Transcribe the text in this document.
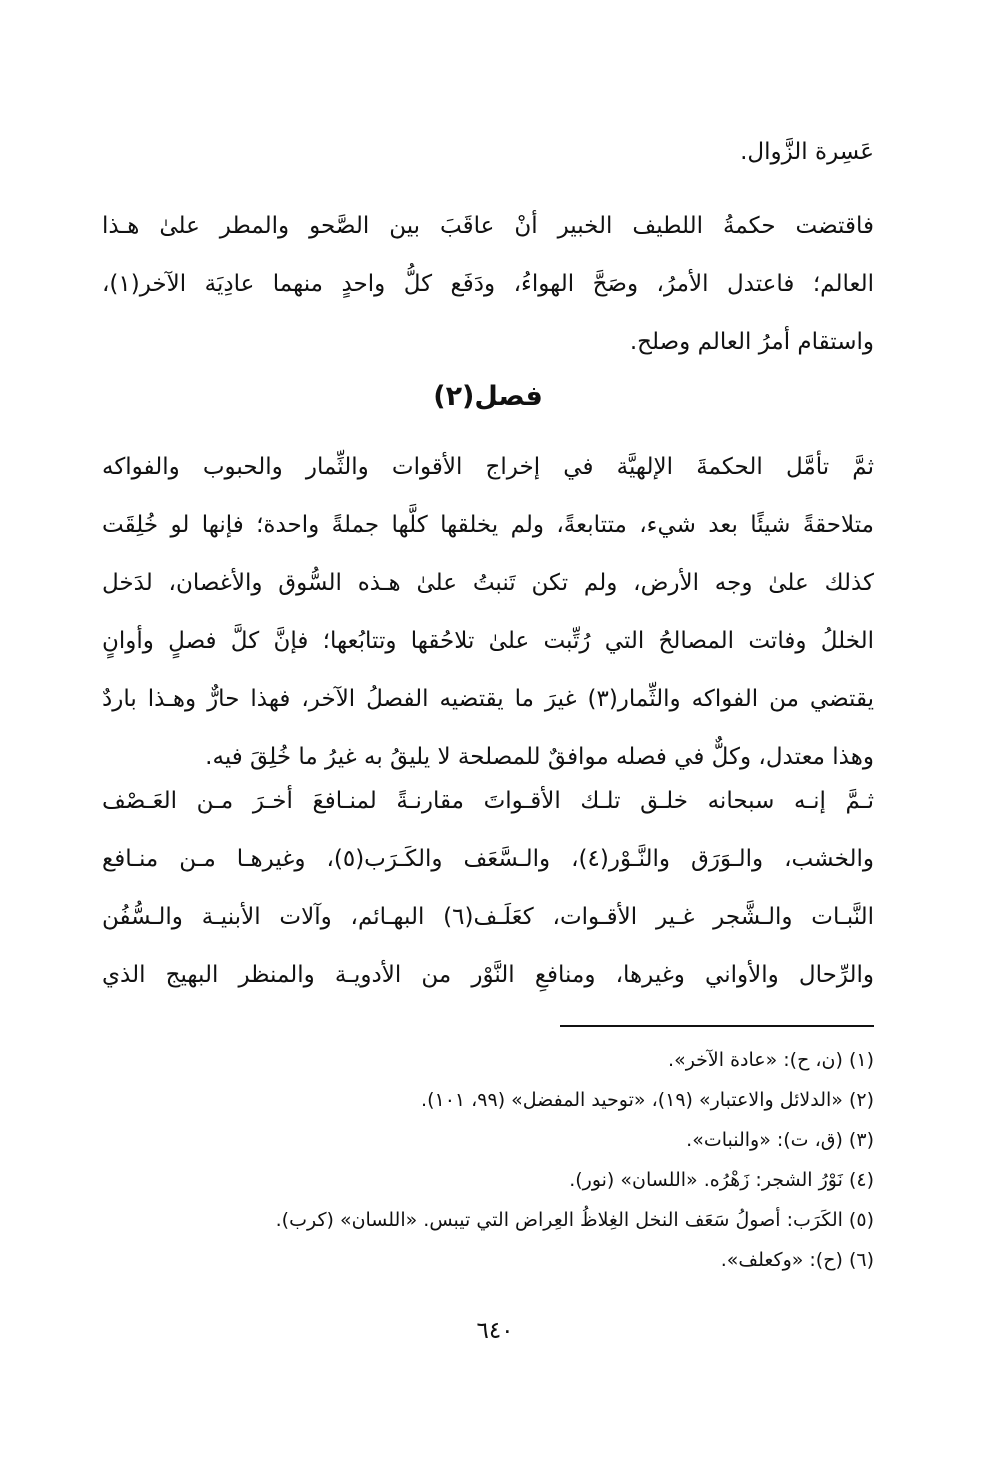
عَسِرة الزَّوال.
فاقتضت حكمةُ اللطيف الخبير أنْ عاقَبَ بين الصَّحو والمطر علىٰ هـذا
العالم؛ فاعتدل الأمرُ، وصَحَّ الهواءُ، ودَفَع كلُّ واحدٍ منهما عادِيَة الآخر(١)،
واستقام أمرُ العالم وصلح.
فصل(٢)
ثمَّ تأمَّل الحكمةَ الإلهيَّة في إخراج الأقوات والثِّمار والحبوب والفواكه
متلاحقةً شيئًا بعد شيء، متتابعةً، ولم يخلقها كلَّها جملةً واحدة؛ فإنها لو خُلِقَت
كذلك علىٰ وجه الأرض، ولم تكن تَنبتُ علىٰ هـذه السُّوق والأغصان، لدَخل
الخللُ وفاتت المصالحُ التي رُتِّبت علىٰ تلاحُقها وتتابُعها؛ فإنَّ كلَّ فصلٍ وأوانٍ
يقتضي من الفواكه والثِّمار(٣) غيرَ ما يقتضيه الفصلُ الآخر، فهذا حارٌّ وهـذا باردٌ
وهذا معتدل، وكلٌّ في فصله موافقٌ للمصلحة لا يليقُ به غيرُ ما خُلِقَ فيه.
ثـمَّ إنـه سبحانه خلـق تلـك الأقـواتَ مقارنـةً لمنـافعَ أخـرَ مـن العَـصْف
والخشب، والـوَرَق والنَّـوْر(٤)، والـسَّعَف والكَـرَب(٥)، وغيرهـا مـن منـافع
النَّبـات والـشَّجر غـير الأقـوات، كعَلَـف(٦) البهـائم، وآلات الأبنيـة والـسُّفُن
والرِّحال والأواني وغيرها، ومنافعِ النَّوْر من الأدويـة والمنظر البهيج الذي
(١) (ن، ح): «عادة الآخر».
(٢) «الدلائل والاعتبار» (١٩)، «توحيد المفضل» (٩٩، ١٠١).
(٣) (ق، ت): «والنبات».
(٤) نَوْرُ الشجر: زَهْرُه. «اللسان» (نور).
(٥) الكَرَب: أصولُ سَعَف النخل الغِلاظُ العِراض التي تيبس. «اللسان» (كرب).
(٦) (ح): «وكعلف».
٦٤٠
